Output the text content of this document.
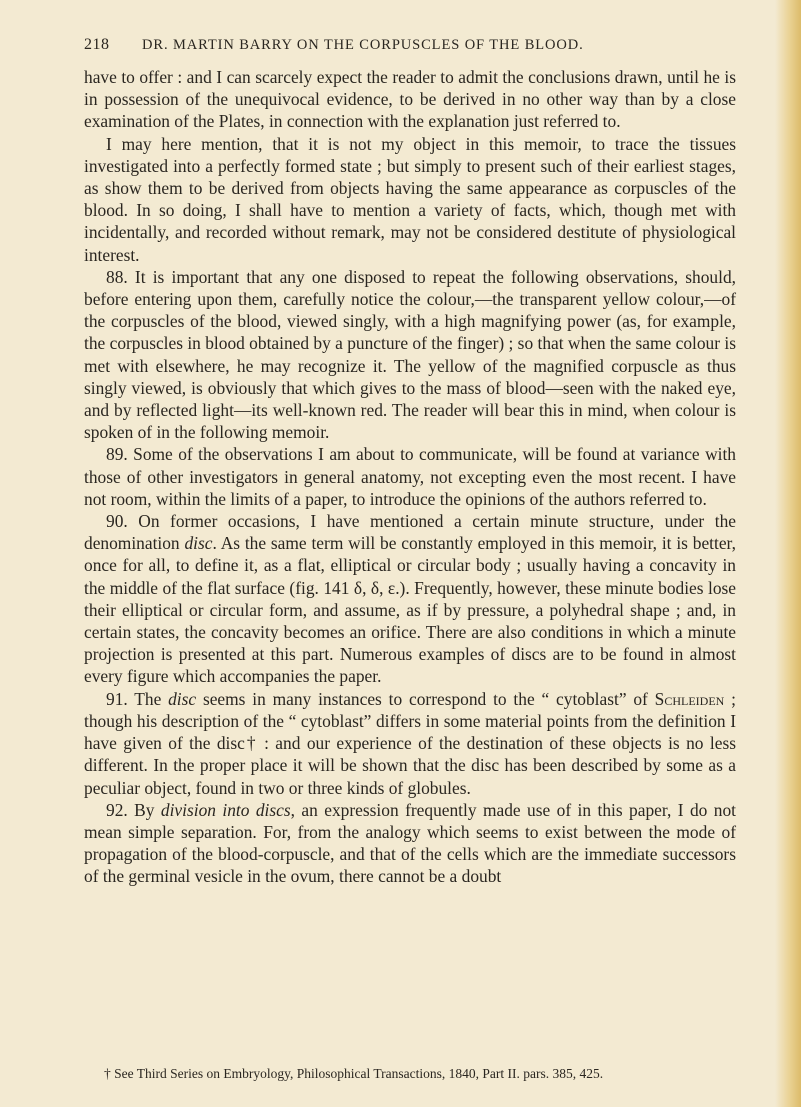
218 DR. MARTIN BARRY ON THE CORPUSCLES OF THE BLOOD.

have to offer : and I can scarcely expect the reader to admit the conclusions drawn, until he is in possession of the unequivocal evidence, to be derived in no other way than by a close examination of the Plates, in connection with the explanation just referred to.

I may here mention, that it is not my object in this memoir, to trace the tissues investigated into a perfectly formed state ; but simply to present such of their earliest stages, as show them to be derived from objects having the same appearance as corpuscles of the blood. In so doing, I shall have to mention a variety of facts, which, though met with incidentally, and recorded without remark, may not be considered destitute of physiological interest.

88. It is important that any one disposed to repeat the following observations, should, before entering upon them, carefully notice the colour,—the transparent yellow colour,—of the corpuscles of the blood, viewed singly, with a high magnifying power (as, for example, the corpuscles in blood obtained by a puncture of the finger) ; so that when the same colour is met with elsewhere, he may recognize it. The yellow of the magnified corpuscle as thus singly viewed, is obviously that which gives to the mass of blood—seen with the naked eye, and by reflected light—its well-known red. The reader will bear this in mind, when colour is spoken of in the following memoir.

89. Some of the observations I am about to communicate, will be found at variance with those of other investigators in general anatomy, not excepting even the most recent. I have not room, within the limits of a paper, to introduce the opinions of the authors referred to.

90. On former occasions, I have mentioned a certain minute structure, under the denomination disc. As the same term will be constantly employed in this memoir, it is better, once for all, to define it, as a flat, elliptical or circular body ; usually having a concavity in the middle of the flat surface (fig. 141 δ, δ, ε.). Frequently, however, these minute bodies lose their elliptical or circular form, and assume, as if by pressure, a polyhedral shape ; and, in certain states, the concavity becomes an orifice. There are also conditions in which a minute projection is presented at this part. Numerous examples of discs are to be found in almost every figure which accompanies the paper.

91. The disc seems in many instances to correspond to the “ cytoblast” of Schleiden ; though his description of the “ cytoblast” differs in some material points from the definition I have given of the disc† : and our experience of the destination of these objects is no less different. In the proper place it will be shown that the disc has been described by some as a peculiar object, found in two or three kinds of globules.

92. By division into discs, an expression frequently made use of in this paper, I do not mean simple separation. For, from the analogy which seems to exist between the mode of propagation of the blood-corpuscle, and that of the cells which are the immediate successors of the germinal vesicle in the ovum, there cannot be a doubt

† See Third Series on Embryology, Philosophical Transactions, 1840, Part II. pars. 385, 425.
